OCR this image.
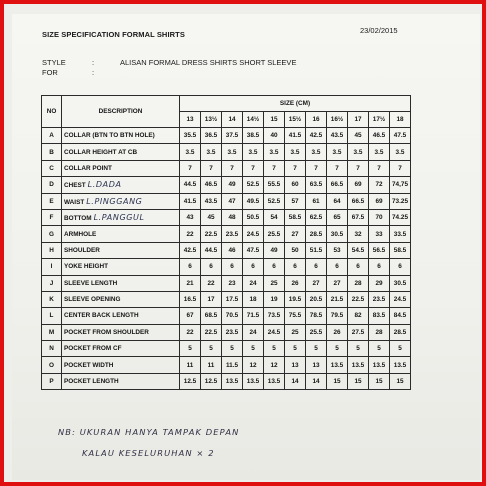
SIZE SPECIFICATION FORMAL SHIRTS	23/02/2015
STYLE	:	ALISAN FORMAL DRESS SHIRTS SHORT SLEEVE
FOR	:
NO	DESCRIPTION	SIZE (CM)										
		13	13½	14	14½	15	15½	16	16½	17	17½	18
A	COLLAR (BTN TO BTN HOLE)	35.5	36.5	37.5	38.5	40	41.5	42.5	43.5	45	46.5	47.5
B	COLLAR HEIGHT AT CB	3.5	3.5	3.5	3.5	3.5	3.5	3.5	3.5	3.5	3.5	3.5
C	COLLAR POINT	7	7	7	7	7	7	7	7	7	7	7
D	CHEST L.DADA	44.5	46.5	49	52.5	55.5	60	63.5	66.5	69	72	74,75
E	WAIST L.PINGGANG	41.5	43.5	47	49.5	52.5	57	61	64	66.5	69	73.25
F	BOTTOM L.PANGGUL	43	45	48	50.5	54	58.5	62.5	65	67.5	70	74.25
G	ARMHOLE	22	22.5	23.5	24.5	25.5	27	28.5	30.5	32	33	33.5
H	SHOULDER	42.5	44.5	46	47.5	49	50	51.5	53	54.5	56.5	58.5
I	YOKE HEIGHT	6	6	6	6	6	6	6	6	6	6	6
J	SLEEVE LENGTH	21	22	23	24	25	26	27	27	28	29	30.5
K	SLEEVE OPENING	16.5	17	17.5	18	19	19.5	20.5	21.5	22.5	23.5	24.5
L	CENTER BACK LENGTH	67	68.5	70.5	71.5	73.5	75.5	78.5	79.5	82	83.5	84.5
M	POCKET FROM SHOULDER	22	22.5	23.5	24	24.5	25	25.5	26	27.5	28	28.5
N	POCKET FROM CF	5	5	5	5	5	5	5	5	5	5	5
O	POCKET WIDTH	11	11	11.5	12	12	13	13	13.5	13.5	13.5	13.5
P	POCKET LENGTH	12.5	12.5	13.5	13.5	13.5	14	14	15	15	15	15
NB: UKURAN HANYA TAMPAK DEPAN
KALAU KESELURUHAN × 2
